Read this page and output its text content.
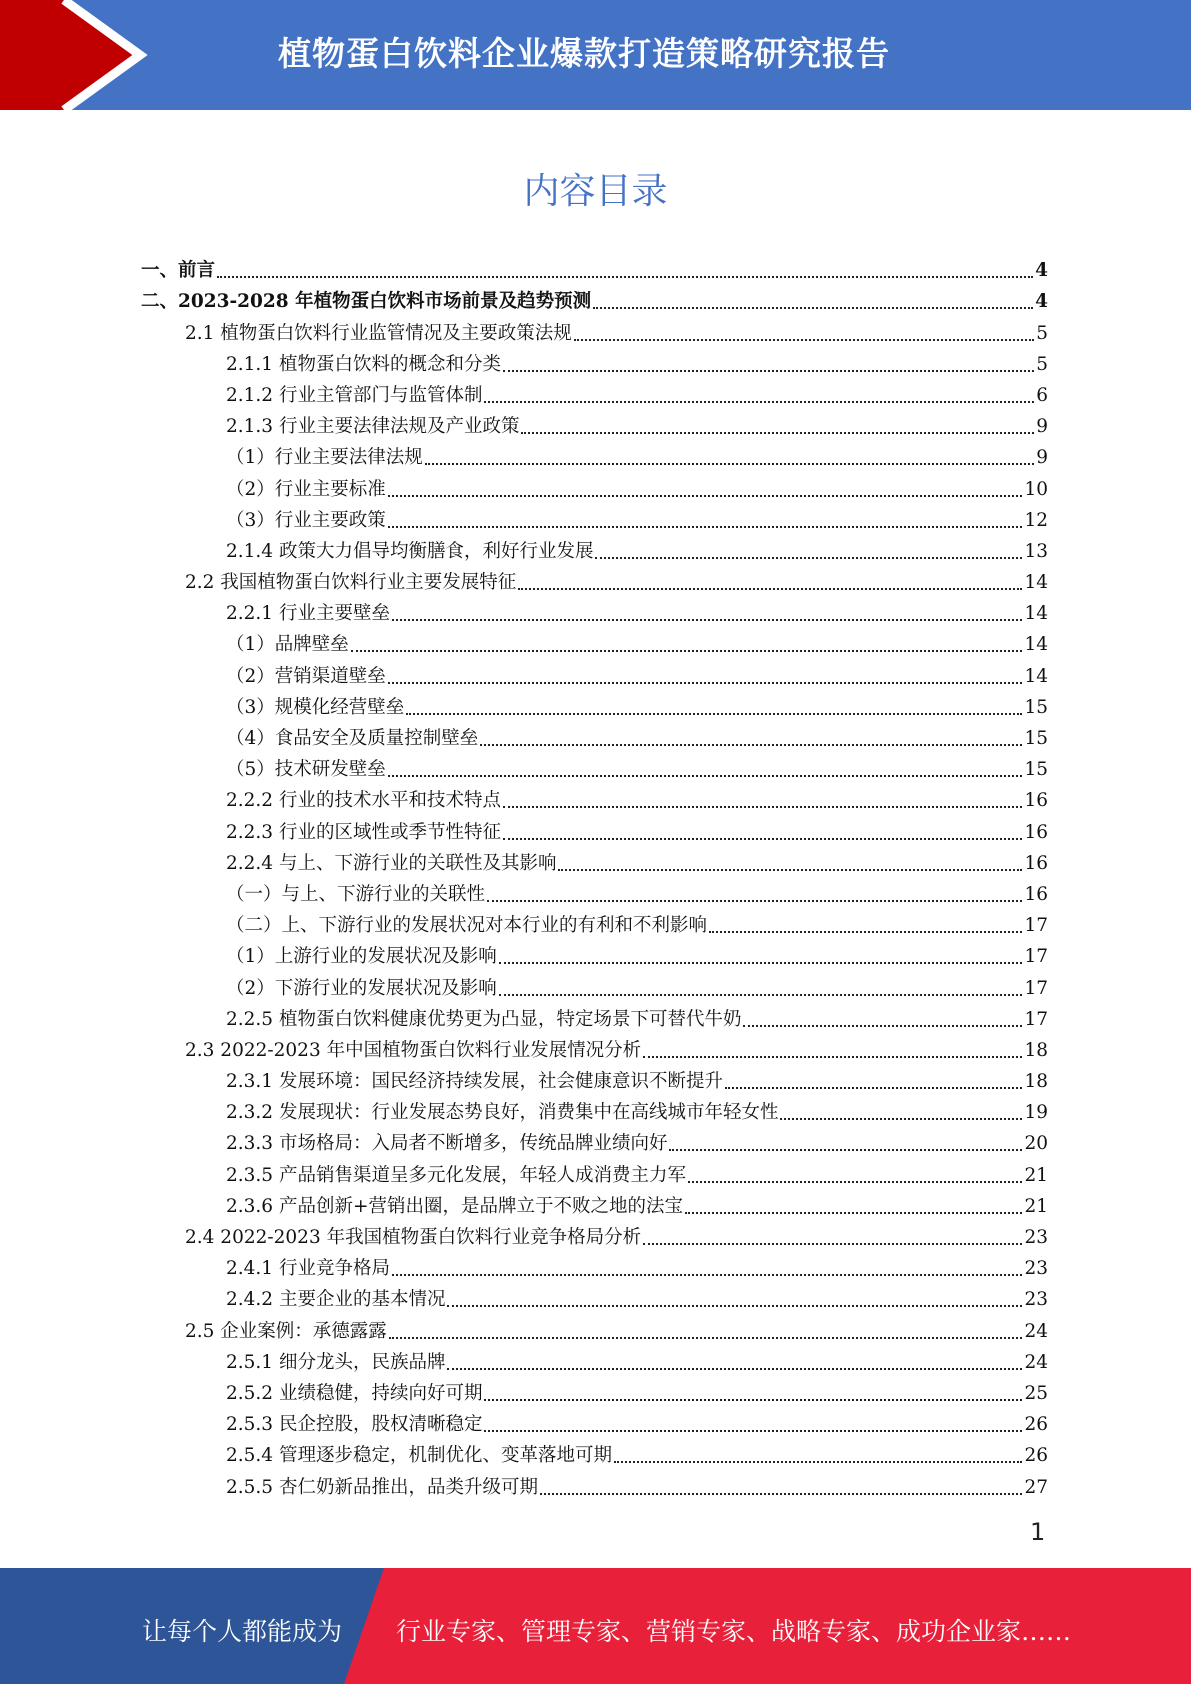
植物蛋白饮料企业爆款打造策略研究报告
内容目录
一、前言	4
二、2023-2028 年植物蛋白饮料市场前景及趋势预测	4
2.1 植物蛋白饮料行业监管情况及主要政策法规	5
2.1.1 植物蛋白饮料的概念和分类	5
2.1.2 行业主管部门与监管体制	6
2.1.3 行业主要法律法规及产业政策	9
（1）行业主要法律法规	9
（2）行业主要标准	10
（3）行业主要政策	12
2.1.4 政策大力倡导均衡膳食，利好行业发展	13
2.2 我国植物蛋白饮料行业主要发展特征	14
2.2.1 行业主要壁垒	14
（1）品牌壁垒	14
（2）营销渠道壁垒	14
（3）规模化经营壁垒	15
（4）食品安全及质量控制壁垒	15
（5）技术研发壁垒	15
2.2.2 行业的技术水平和技术特点	16
2.2.3 行业的区域性或季节性特征	16
2.2.4 与上、下游行业的关联性及其影响	16
（一）与上、下游行业的关联性	16
（二）上、下游行业的发展状况对本行业的有利和不利影响	17
（1）上游行业的发展状况及影响	17
（2）下游行业的发展状况及影响	17
2.2.5 植物蛋白饮料健康优势更为凸显，特定场景下可替代牛奶	17
2.3 2022-2023 年中国植物蛋白饮料行业发展情况分析	18
2.3.1 发展环境：国民经济持续发展，社会健康意识不断提升	18
2.3.2 发展现状：行业发展态势良好，消费集中在高线城市年轻女性	19
2.3.3 市场格局：入局者不断增多，传统品牌业绩向好	20
2.3.5 产品销售渠道呈多元化发展，年轻人成消费主力军	21
2.3.6 产品创新+营销出圈，是品牌立于不败之地的法宝	21
2.4 2022-2023 年我国植物蛋白饮料行业竞争格局分析	23
2.4.1 行业竞争格局	23
2.4.2 主要企业的基本情况	23
2.5 企业案例：承德露露	24
2.5.1 细分龙头，民族品牌	24
2.5.2 业绩稳健，持续向好可期	25
2.5.3 民企控股，股权清晰稳定	26
2.5.4 管理逐步稳定，机制优化、变革落地可期	26
2.5.5 杏仁奶新品推出，品类升级可期	27
1
让每个人都能成为 行业专家、管理专家、营销专家、战略专家、成功企业家……
